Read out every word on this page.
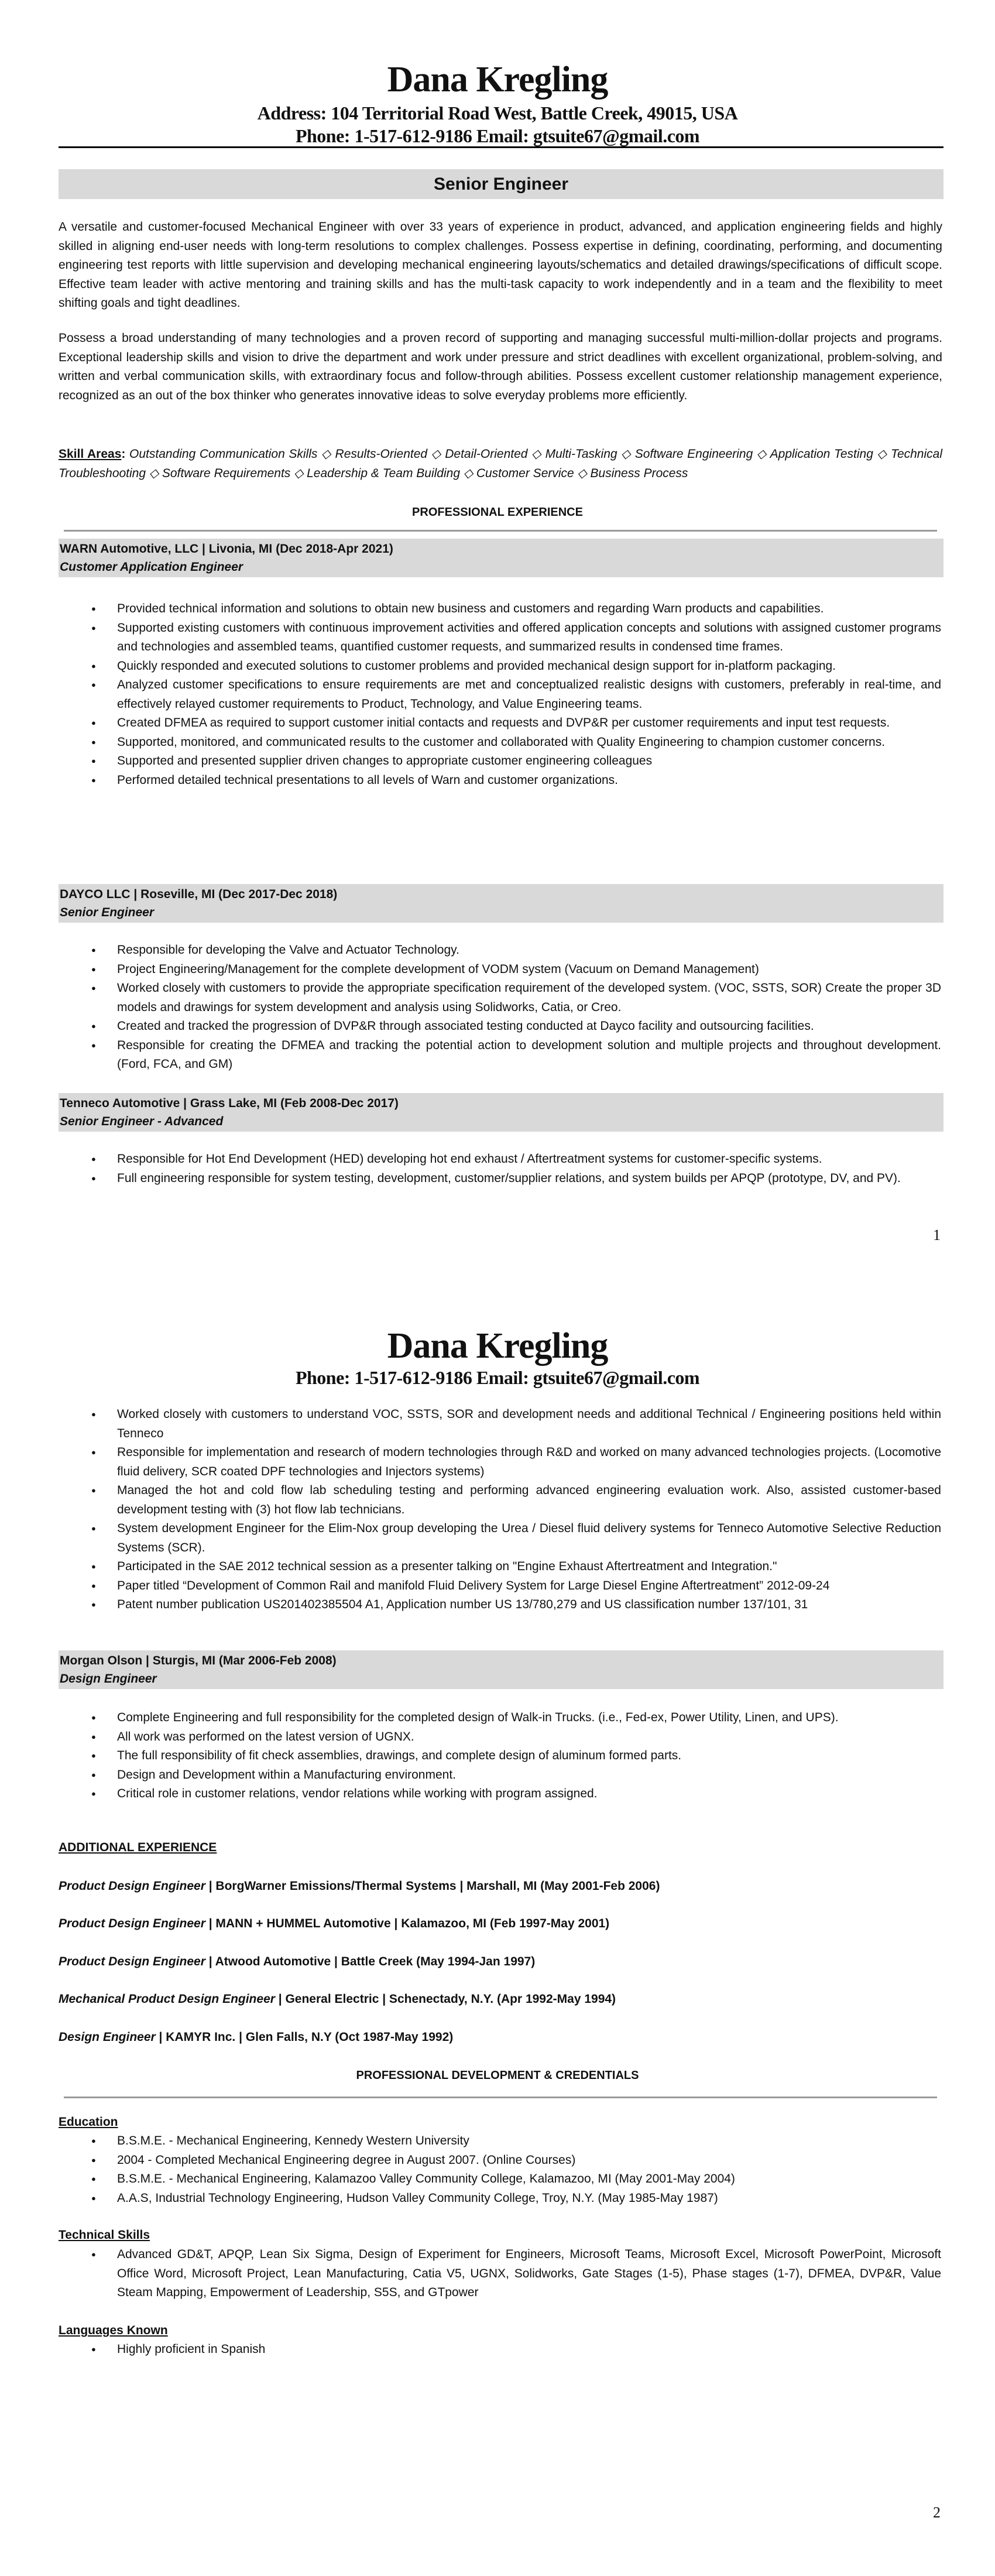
Dana Kregling
Address: 104 Territorial Road West, Battle Creek, 49015, USA
Phone: 1-517-612-9186 Email: gtsuite67@gmail.com
Senior Engineer
A versatile and customer-focused Mechanical Engineer with over 33 years of experience in product, advanced, and application engineering fields and highly skilled in aligning end-user needs with long-term resolutions to complex challenges. Possess expertise in defining, coordinating, performing, and documenting engineering test reports with little supervision and developing mechanical engineering layouts/schematics and detailed drawings/specifications of difficult scope. Effective team leader with active mentoring and training skills and has the multi-task capacity to work independently and in a team and the flexibility to meet shifting goals and tight deadlines.
Possess a broad understanding of many technologies and a proven record of supporting and managing successful multi-million-dollar projects and programs. Exceptional leadership skills and vision to drive the department and work under pressure and strict deadlines with excellent organizational, problem-solving, and written and verbal communication skills, with extraordinary focus and follow-through abilities. Possess excellent customer relationship management experience, recognized as an out of the box thinker who generates innovative ideas to solve everyday problems more efficiently.
Skill Areas: Outstanding Communication Skills ◇ Results-Oriented ◇ Detail-Oriented ◇ Multi-Tasking ◇ Software Engineering ◇ Application Testing ◇ Technical Troubleshooting ◇ Software Requirements ◇ Leadership & Team Building ◇ Customer Service ◇ Business Process
PROFESSIONAL EXPERIENCE
WARN Automotive, LLC | Livonia, MI (Dec 2018-Apr 2021)
Customer Application Engineer
● Provided technical information and solutions to obtain new business and customers and regarding Warn products and capabilities.
● Supported existing customers with continuous improvement activities and offered application concepts and solutions with assigned customer programs and technologies and assembled teams, quantified customer requests, and summarized results in condensed time frames.
● Quickly responded and executed solutions to customer problems and provided mechanical design support for in-platform packaging.
● Analyzed customer specifications to ensure requirements are met and conceptualized realistic designs with customers, preferably in real-time, and effectively relayed customer requirements to Product, Technology, and Value Engineering teams.
● Created DFMEA as required to support customer initial contacts and requests and DVP&R per customer requirements and input test requests.
● Supported, monitored, and communicated results to the customer and collaborated with Quality Engineering to champion customer concerns.
● Supported and presented supplier driven changes to appropriate customer engineering colleagues
● Performed detailed technical presentations to all levels of Warn and customer organizations.
DAYCO LLC | Roseville, MI (Dec 2017-Dec 2018)
Senior Engineer
● Responsible for developing the Valve and Actuator Technology.
● Project Engineering/Management for the complete development of VODM system (Vacuum on Demand Management)
● Worked closely with customers to provide the appropriate specification requirement of the developed system. (VOC, SSTS, SOR) Create the proper 3D models and drawings for system development and analysis using Solidworks, Catia, or Creo.
● Created and tracked the progression of DVP&R through associated testing conducted at Dayco facility and outsourcing facilities.
● Responsible for creating the DFMEA and tracking the potential action to development solution and multiple projects and throughout development. (Ford, FCA, and GM)
Tenneco Automotive | Grass Lake, MI (Feb 2008-Dec 2017)
Senior Engineer - Advanced
● Responsible for Hot End Development (HED) developing hot end exhaust / Aftertreatment systems for customer-specific systems.
● Full engineering responsible for system testing, development, customer/supplier relations, and system builds per APQP (prototype, DV, and PV).
1
Dana Kregling
Phone: 1-517-612-9186 Email: gtsuite67@gmail.com
● Worked closely with customers to understand VOC, SSTS, SOR and development needs and additional Technical / Engineering positions held within Tenneco
● Responsible for implementation and research of modern technologies through R&D and worked on many advanced technologies projects. (Locomotive fluid delivery, SCR coated DPF technologies and Injectors systems)
● Managed the hot and cold flow lab scheduling testing and performing advanced engineering evaluation work. Also, assisted customer-based development testing with (3) hot flow lab technicians.
● System development Engineer for the Elim-Nox group developing the Urea / Diesel fluid delivery systems for Tenneco Automotive Selective Reduction Systems (SCR).
● Participated in the SAE 2012 technical session as a presenter talking on "Engine Exhaust Aftertreatment and Integration."
● Paper titled “Development of Common Rail and manifold Fluid Delivery System for Large Diesel Engine Aftertreatment” 2012-09-24
● Patent number publication US201402385504 A1, Application number US 13/780,279 and US classification number 137/101, 31
Morgan Olson | Sturgis, MI (Mar 2006-Feb 2008)
Design Engineer
● Complete Engineering and full responsibility for the completed design of Walk-in Trucks. (i.e., Fed-ex, Power Utility, Linen, and UPS).
● All work was performed on the latest version of UGNX.
● The full responsibility of fit check assemblies, drawings, and complete design of aluminum formed parts.
● Design and Development within a Manufacturing environment.
● Critical role in customer relations, vendor relations while working with program assigned.
ADDITIONAL EXPERIENCE
Product Design Engineer | BorgWarner Emissions/Thermal Systems | Marshall, MI (May 2001-Feb 2006)
Product Design Engineer | MANN + HUMMEL Automotive | Kalamazoo, MI (Feb 1997-May 2001)
Product Design Engineer | Atwood Automotive | Battle Creek (May 1994-Jan 1997)
Mechanical Product Design Engineer | General Electric | Schenectady, N.Y. (Apr 1992-May 1994)
Design Engineer | KAMYR Inc. | Glen Falls, N.Y (Oct 1987-May 1992)
PROFESSIONAL DEVELOPMENT & CREDENTIALS
Education
● B.S.M.E. - Mechanical Engineering, Kennedy Western University
● 2004 - Completed Mechanical Engineering degree in August 2007. (Online Courses)
● B.S.M.E. - Mechanical Engineering, Kalamazoo Valley Community College, Kalamazoo, MI (May 2001-May 2004)
● A.A.S, Industrial Technology Engineering, Hudson Valley Community College, Troy, N.Y. (May 1985-May 1987)
Technical Skills
● Advanced GD&T, APQP, Lean Six Sigma, Design of Experiment for Engineers, Microsoft Teams, Microsoft Excel, Microsoft PowerPoint, Microsoft Office Word, Microsoft Project, Lean Manufacturing, Catia V5, UGNX, Solidworks, Gate Stages (1-5), Phase stages (1-7), DFMEA, DVP&R, Value Steam Mapping, Empowerment of Leadership, S5S, and GTpower
Languages Known
● Highly proficient in Spanish
2
